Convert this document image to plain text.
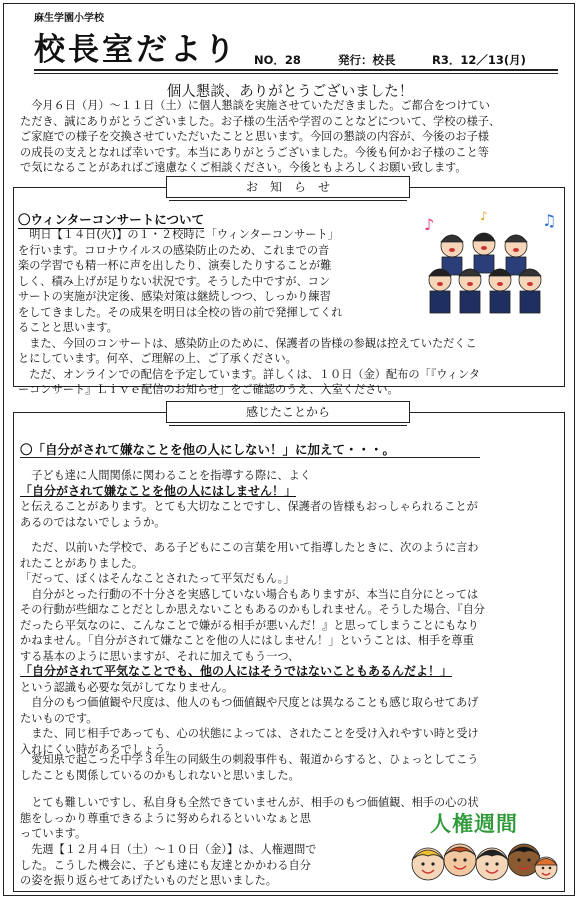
麻生学園小学校
校長室だより NO．28	発行：校長	R3．12／13(月)
個人懇談、ありがとうございました！
　今月６日（月）～１１日（土）に個人懇談を実施させていただきました。ご都合をつけてい
ただき、誠にありがとうございました。お子様の生活や学習のことなどについて、学校の様子、
ご家庭での様子を交換させていただいたことと思います。今回の懇談の内容が、今後のお子様
の成長の支えとなれば幸いです。本当にありがとうございました。今後も何かお子様のこと等
で気になることがあればご遠慮なくご相談ください。今後ともよろしくお願い致します。
お　知　ら　せ
〇ウィンターコンサートについて
　明日【１４日(火)】の１・２校時に「ウィンターコンサート」
を行います。コロナウイルスの感染防止のため、これまでの音
楽の学習でも精一杯に声を出したり、演奏したりすることが難
しく、積み上げが足りない状況です。そうした中ですが、コン
サートの実施が決定後、感染対策は継続しつつ、しっかり練習
をしてきました。その成果を明日は全校の皆の前で発揮してくれ
ることと思います。
　また、今回のコンサートは、感染防止のために、保護者の皆様の参観は控えていただくこ
とにしています。何卒、ご理解の上、ご了承ください。
　ただ、オンラインでの配信を予定しています。詳しくは、１０日（金）配布の「『ウィンタ
ーコンサート』Ｌｉｖｅ配信のお知らせ」をご確認のうえ、入室ください。
♪	♫
♪
感じたことから
〇「自分がされて嫌なことを他の人にしない！」に加えて・・・。
　子ども達に人間関係に関わることを指導する際に、よく
「自分がされて嫌なことを他の人にはしません！」
と伝えることがあります。とても大切なことですし、保護者の皆様もおっしゃられることが
あるのではないでしょうか。
　ただ、以前いた学校で、ある子どもにこの言葉を用いて指導したときに、次のように言わ
れたことがありました。
「だって、ぼくはそんなことされたって平気だもん。」
　自分がとった行動の不十分さを実感していない場合もありますが、本当に自分にとっては
その行動が些細なことだとしか思えないこともあるのかもしれません。そうした場合、『自分
だったら平気なのに、こんなことで嫌がる相手が悪いんだ！』と思ってしまうことにもなり
かねません。「自分がされて嫌なことを他の人にはしません！」ということは、相手を尊重
する基本のように思いますが、それに加えてもう一つ、
「自分がされて平気なことでも、他の人にはそうではないこともあるんだよ！」
という認識も必要な気がしてなりません。
　自分のもつ価値観や尺度は、他人のもつ価値観や尺度とは異なることも感じ取らせてあげ
たいものです。
　また、同じ相手であっても、心の状態によっては、されたことを受け入れやすい時と受け
入れにくい時があるでしょう。
　愛知県で起こった中学３年生の同級生の刺殺事件も、報道からすると、ひょっとしてこう
したことも関係しているのかもしれないと思いました。
　とても難しいですし、私自身も全然できていませんが、相手のもつ価値観、相手の心の状
態をしっかり尊重できるように努められるといいなぁと思
っています。
　先週【１２月４日（土）～１０日（金）】は、人権週間で
した。こうした機会に、子ども達にも友達とかかわる自分
の姿を振り返らせてあげたいものだと思いました。
人権週間
